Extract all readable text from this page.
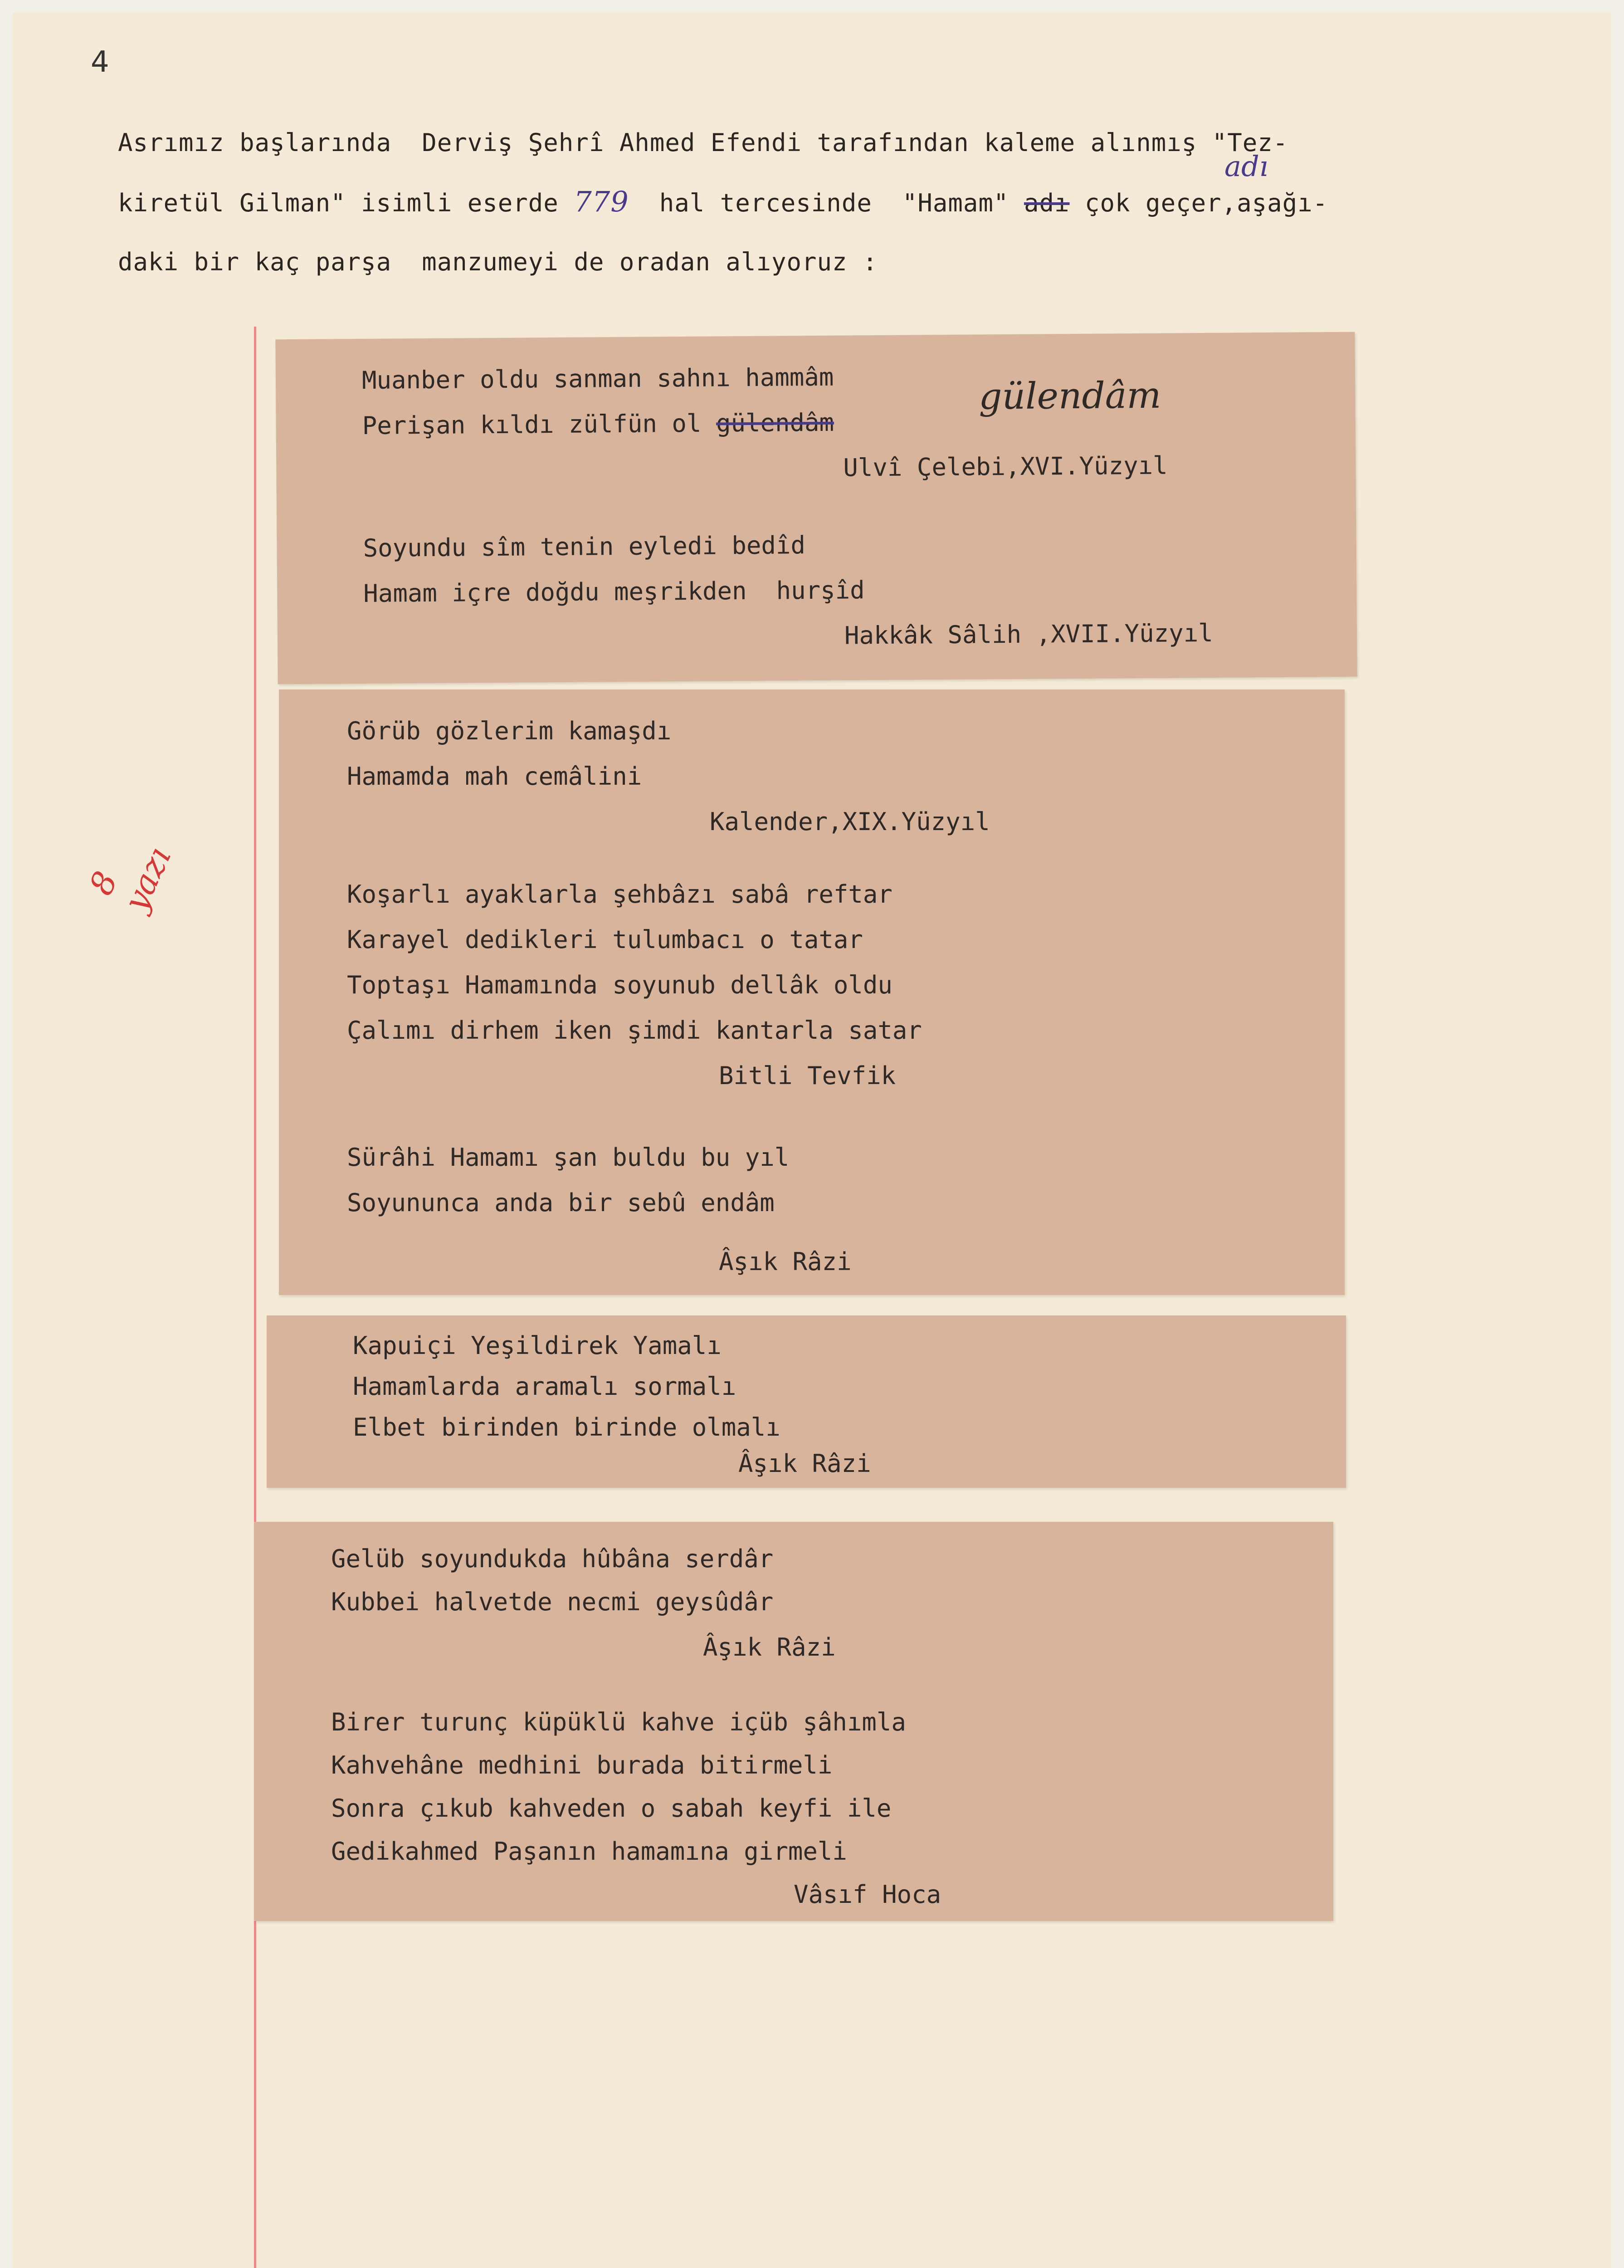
4
Asrımız başlarında  Derviş Şehrî Ahmed Efendi tarafından kaleme alınmış "Tez-
kiretül Gilman" isimli eserde 779  hal tercesinde  "Hamam" adı çok geçer,aşağı-
daki bir kaç parşa  manzumeyi de oradan alıyoruz :
adı
8 yazı
Muanber oldu sanman sahnı hammâm
Perişan kıldı zülfün ol gülendâm
gülendâm
Ulvî Çelebi,XVI.Yüzyıl
Soyundu sîm tenin eyledi bedîd
Hamam içre doğdu meşrikden  hurşîd
Hakkâk Sâlih ,XVII.Yüzyıl
Görüb gözlerim kamaşdı
Hamamda mah cemâlini
Kalender,XIX.Yüzyıl
Koşarlı ayaklarla şehbâzı sabâ reftar
Karayel dedikleri tulumbacı o tatar
Toptaşı Hamamında soyunub dellâk oldu
Çalımı dirhem iken şimdi kantarla satar
Bitli Tevfik
Sürâhi Hamamı şan buldu bu yıl
Soyununca anda bir sebû endâm
Âşık Râzi
Kapuiçi Yeşildirek Yamalı
Hamamlarda aramalı sormalı
Elbet birinden birinde olmalı
Âşık Râzi
Gelüb soyundukda hûbâna serdâr
Kubbei halvetde necmi geysûdâr
Âşık Râzi
Birer turunç küpüklü kahve içüb şâhımla
Kahvehâne medhini burada bitirmeli
Sonra çıkub kahveden o sabah keyfi ile
Gedikahmed Paşanın hamamına girmeli
Vâsıf Hoca
